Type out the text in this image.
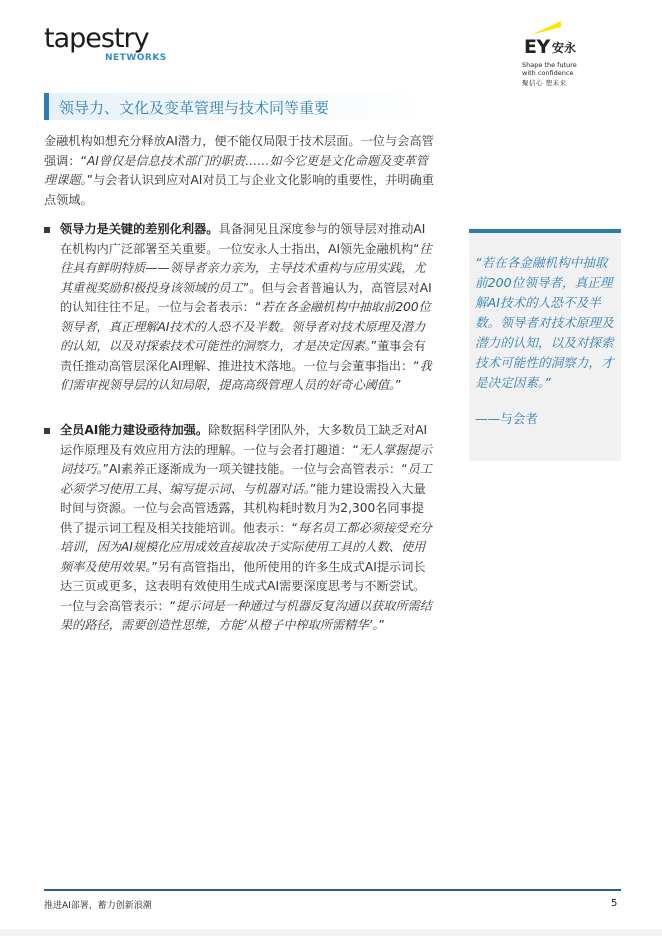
tapestry
NETWORKS	EY 安永
Shape the future
with confidence
聚信心 塑未来
领导力、文化及变革管理与技术同等重要
金融机构如想充分释放AI潜力，便不能仅局限于技术层面。一位与会高管强调：“AI曾仅是信息技术部门的职责……如今它更是文化命题及变革管理课题。”与会者认识到应对AI对员工与企业文化影响的重要性，并明确重点领域。
领导力是关键的差别化利器。具备洞见且深度参与的领导层对推动AI在机构内广泛部署至关重要。一位安永人士指出，AI领先金融机构“往往具有鲜明特质——领导者亲力亲为，主导技术重构与应用实践，尤其重视奖励积极投身该领域的员工”。但与会者普遍认为，高管层对AI的认知往往不足。一位与会者表示：“若在各金融机构中抽取前200位领导者，真正理解AI技术的人恐不及半数。领导者对技术原理及潜力的认知，以及对探索技术可能性的洞察力，才是决定因素。”董事会有责任推动高管层深化AI理解、推进技术落地。一位与会董事指出：“我们需审视领导层的认知局限，提高高级管理人员的好奇心阈值。”
全员AI能力建设亟待加强。除数据科学团队外，大多数员工缺乏对AI运作原理及有效应用方法的理解。一位与会者打趣道：“无人掌握提示词技巧。”AI素养正逐渐成为一项关键技能。一位与会高管表示：“员工必须学习使用工具、编写提示词、与机器对话。”能力建设需投入大量时间与资源。一位与会高管透露，其机构耗时数月为2,300名同事提供了提示词工程及相关技能培训。他表示：“每名员工都必须接受充分培训，因为AI规模化应用成效直接取决于实际使用工具的人数、使用频率及使用效果。”另有高管指出，他所使用的许多生成式AI提示词长达三页或更多，这表明有效使用生成式AI需要深度思考与不断尝试。一位与会高管表示：“提示词是一种通过与机器反复沟通以获取所需结果的路径，需要创造性思维，方能‘从橙子中榨取所需精华’。”
“若在各金融机构中抽取前200位领导者，真正理解AI技术的人恐不及半数。领导者对技术原理及潜力的认知，以及对探索技术可能性的洞察力，才是决定因素。”
——与会者
推进AI部署，蓄力创新浪潮	5
